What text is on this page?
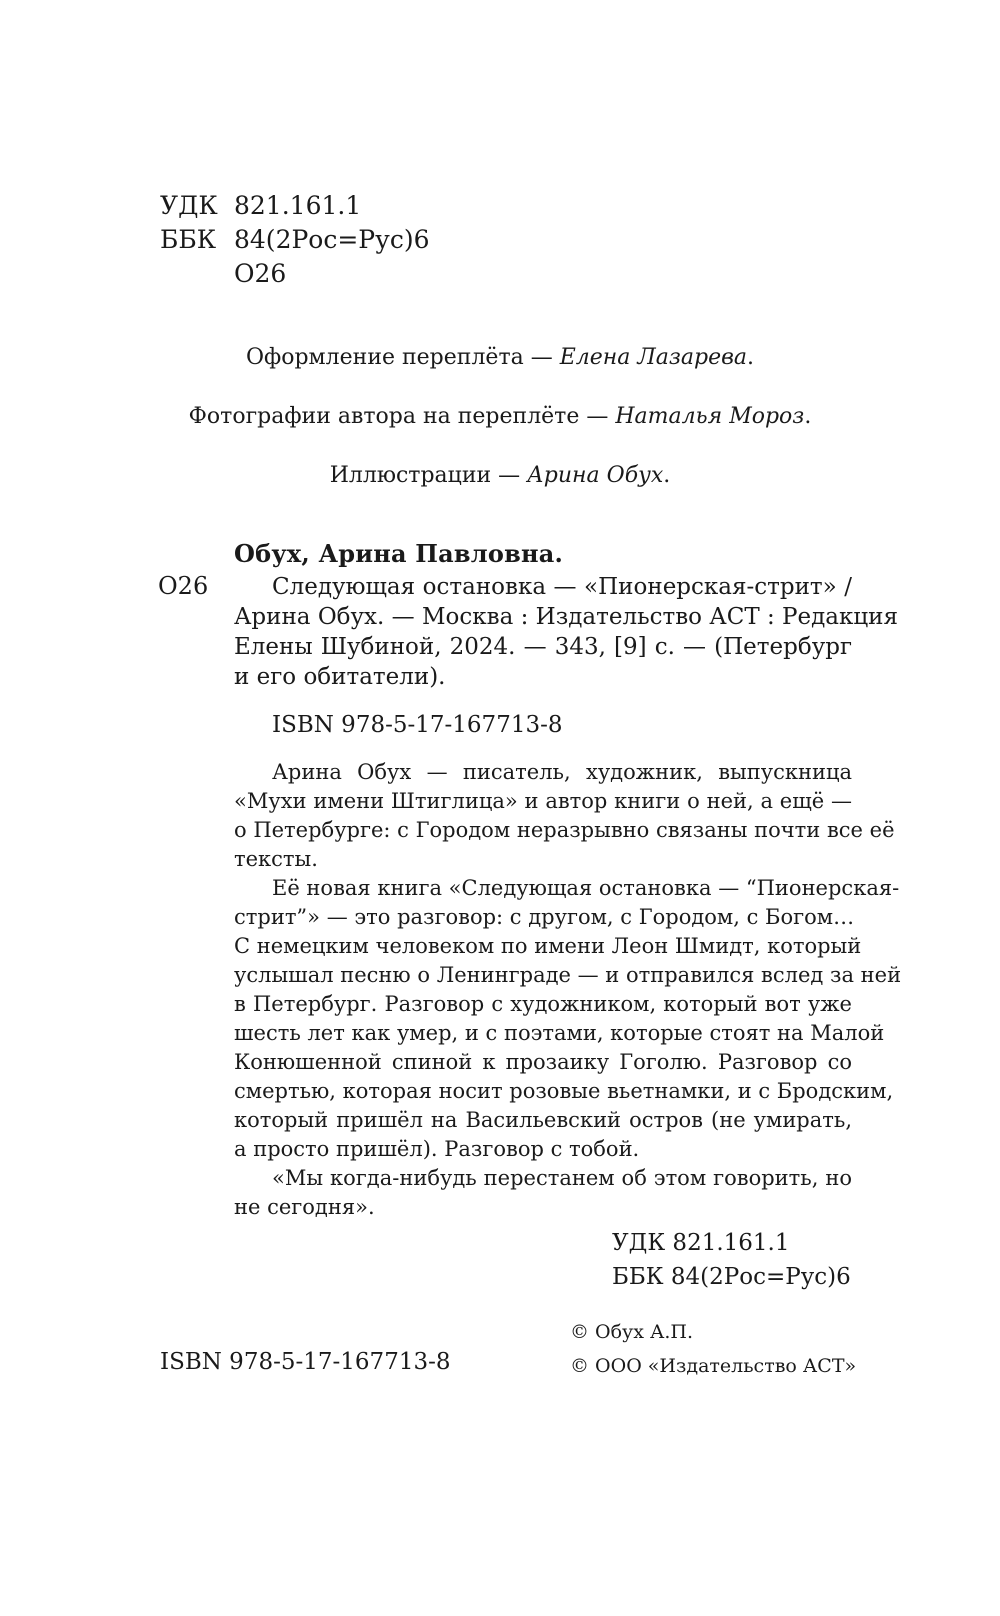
УДК 821.161.1
ББК 84(2Рос=Рус)6
О26
Оформление переплёта — Елена Лазарева.
Фотографии автора на переплёте — Наталья Мороз.
Иллюстрации — Арина Обух.
Обух, Арина Павловна.
О26	Следующая остановка — «Пионерская-стрит» /
Арина Обух. — Москва : Издательство АСТ : Редакция
Елены Шубиной, 2024. — 343, [9] с. — (Петербург
и его обитатели).
ISBN 978-5-17-167713-8
Арина Обух — писатель, художник, выпускница
«Мухи имени Штиглица» и автор книги о ней, а ещё —
о Петербурге: с Городом неразрывно связаны почти все её
тексты.
Её новая книга «Следующая остановка — “Пионерская-
стрит”» — это разговор: с другом, с Городом, с Богом…
С немецким человеком по имени Леон Шмидт, который
услышал песню о Ленинграде — и отправился вслед за ней
в Петербург. Разговор с художником, который вот уже
шесть лет как умер, и с поэтами, которые стоят на Малой
Конюшенной спиной к прозаику Гоголю. Разговор со
смертью, которая носит розовые вьетнамки, и с Бродским,
который пришёл на Васильевский остров (не умирать,
а просто пришёл). Разговор с тобой.
«Мы когда-нибудь перестанем об этом говорить, но
не сегодня».
УДК 821.161.1
ББК 84(2Рос=Рус)6
ISBN 978-5-17-167713-8
© Обух А.П.
© ООО «Издательство АСТ»
